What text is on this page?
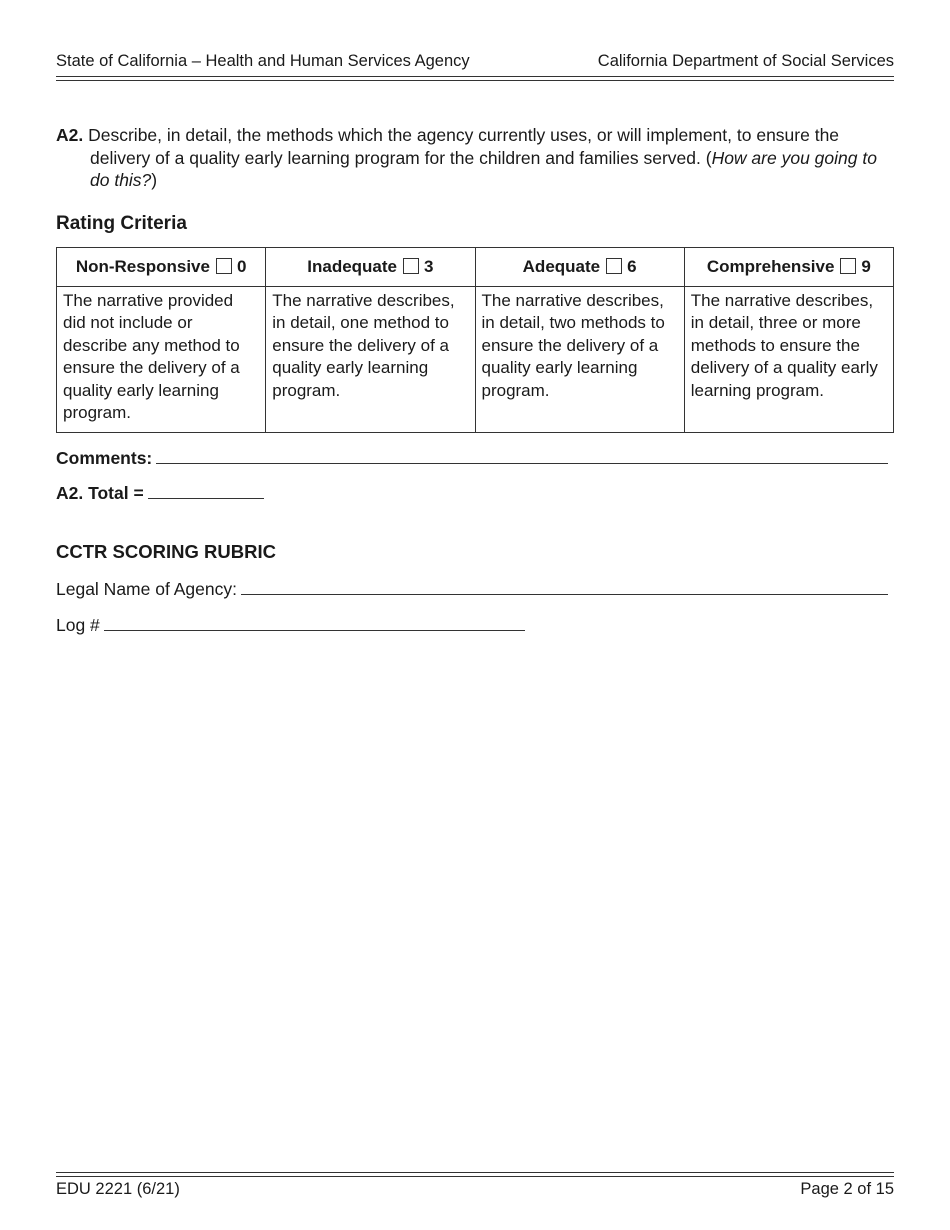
State of California – Health and Human Services Agency	California Department of Social Services
A2. Describe, in detail, the methods which the agency currently uses, or will implement, to ensure the delivery of a quality early learning program for the children and families served. (How are you going to do this?)
Rating Criteria
Non-Responsive 0	Inadequate 3	Adequate 6	Comprehensive 9
The narrative provided did not include or describe any method to ensure the delivery of a quality early learning program.	The narrative describes, in detail, one method to ensure the delivery of a quality early learning program.	The narrative describes, in detail, two methods to ensure the delivery of a quality early learning program.	The narrative describes, in detail, three or more methods to ensure the delivery of a quality early learning program.
Comments:
A2. Total =
CCTR SCORING RUBRIC
Legal Name of Agency:
Log #
EDU 2221 (6/21)	Page 2 of 15
